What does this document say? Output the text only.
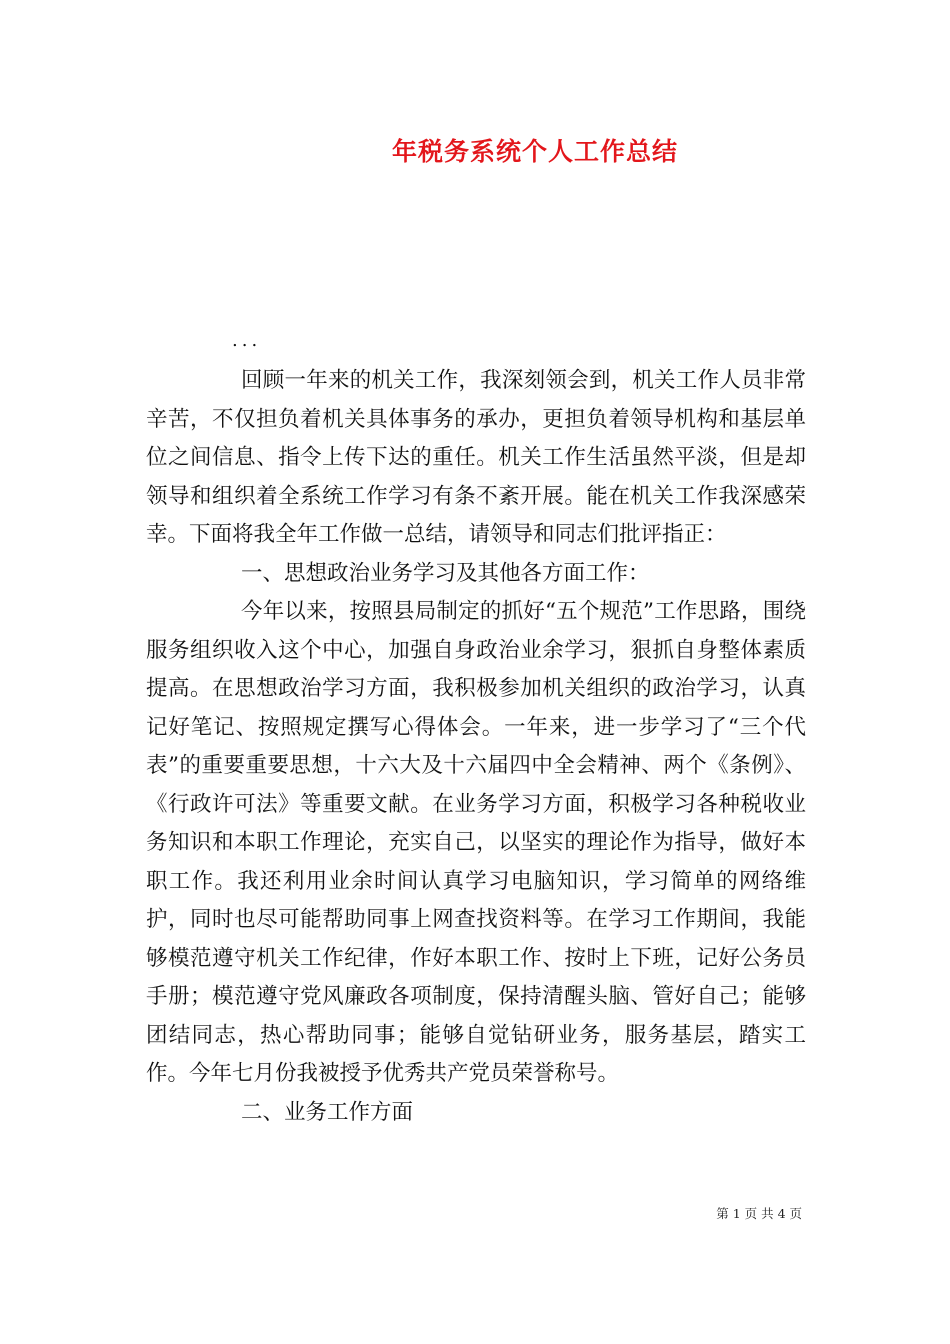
年税务系统个人工作总结
...

回顾一年来的机关工作，我深刻领会到，机关工作人员非常辛苦，不仅担负着机关具体事务的承办，更担负着领导机构和基层单位之间信息、指令上传下达的重任。机关工作生活虽然平淡，但是却领导和组织着全系统工作学习有条不紊开展。能在机关工作我深感荣幸。下面将我全年工作做一总结，请领导和同志们批评指正：

一、思想政治业务学习及其他各方面工作：

今年以来，按照县局制定的抓好“五个规范”工作思路，围绕服务组织收入这个中心，加强自身政治业余学习，狠抓自身整体素质提高。在思想政治学习方面，我积极参加机关组织的政治学习，认真记好笔记、按照规定撰写心得体会。一年来，进一步学习了“三个代表”的重要重要思想，十六大及十六届四中全会精神、两个《条例》、《行政许可法》等重要文献。在业务学习方面，积极学习各种税收业务知识和本职工作理论，充实自己，以坚实的理论作为指导，做好本职工作。我还利用业余时间认真学习电脑知识，学习简单的网络维护，同时也尽可能帮助同事上网查找资料等。在学习工作期间，我能够模范遵守机关工作纪律，作好本职工作、按时上下班，记好公务员手册；模范遵守党风廉政各项制度，保持清醒头脑、管好自己；能够团结同志，热心帮助同事；能够自觉钻研业务，服务基层，踏实工作。今年七月份我被授予优秀共产党员荣誉称号。

二、业务工作方面

第 1 页 共 4 页
